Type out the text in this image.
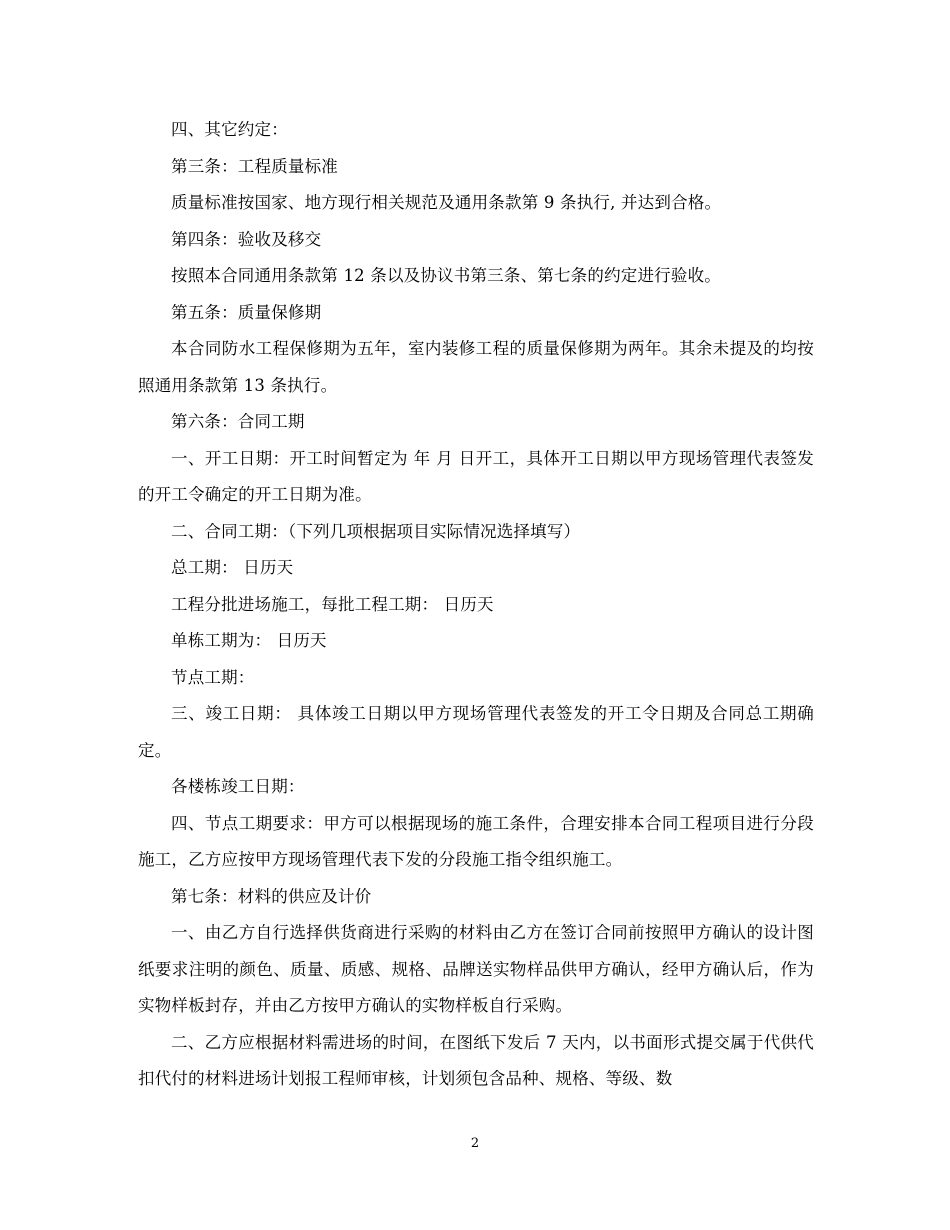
四、其它约定：

第三条：工程质量标准

质量标准按国家、地方现行相关规范及通用条款第 9 条执行, 并达到合格。

第四条：验收及移交

按照本合同通用条款第 12 条以及协议书第三条、第七条的约定进行验收。

第五条：质量保修期

本合同防水工程保修期为五年，室内装修工程的质量保修期为两年。其余未提及的均按照通用条款第 13 条执行。

第六条：合同工期

一、开工日期：开工时间暂定为 年 月 日开工，具体开工日期以甲方现场管理代表签发的开工令确定的开工日期为准。

二、合同工期：（下列几项根据项目实际情况选择填写）

总工期： 日历天

工程分批进场施工，每批工程工期： 日历天

单栋工期为： 日历天

节点工期：

三、竣工日期： 具体竣工日期以甲方现场管理代表签发的开工令日期及合同总工期确定。

各楼栋竣工日期：

四、节点工期要求：甲方可以根据现场的施工条件，合理安排本合同工程项目进行分段施工，乙方应按甲方现场管理代表下发的分段施工指令组织施工。

第七条：材料的供应及计价

一、由乙方自行选择供货商进行采购的材料由乙方在签订合同前按照甲方确认的设计图纸要求注明的颜色、质量、质感、规格、品牌送实物样品供甲方确认，经甲方确认后，作为实物样板封存，并由乙方按甲方确认的实物样板自行采购。

二、乙方应根据材料需进场的时间，在图纸下发后 7 天内，以书面形式提交属于代供代扣代付的材料进场计划报工程师审核，计划须包含品种、规格、等级、数

2
